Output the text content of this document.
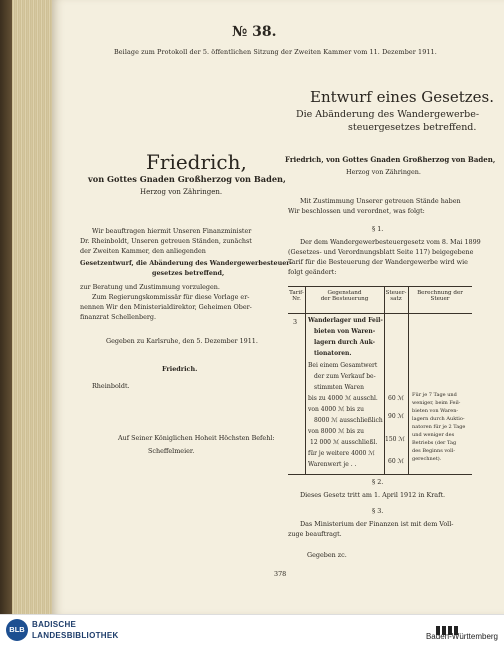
№ 38.
Beilage zum Protokoll der 5. öffentlichen Sitzung der Zweiten Kammer vom 11. Dezember 1911.
Friedrich,
von Gottes Gnaden Großherzog von Baden,
Herzog von Zähringen.
Wir beauftragen hiermit Unseren Finanzminister
Dr. Rheinboldt, Unseren getreuen Ständen, zunächst
der Zweiten Kammer, den anliegenden
Gesetzentwurf, die Abänderung des Wandergewerbesteuer-
gesetzes betreffend,
zur Beratung und Zustimmung vorzulegen.
Zum Regierungskommissär für diese Vorlage er-
nennen Wir den Ministerialdirektor, Geheimen Ober-
finanzrat Schellenberg.
Gegeben zu Karlsruhe, den 5. Dezember 1911.
Friedrich.
Rheinboldt.
Auf Seiner Königlichen Hoheit Höchsten Befehl:
Scheffelmeier.
Entwurf eines Gesetzes.
Die Abänderung des Wandergewerbe-
steuergesetzes betreffend.
Friedrich, von Gottes Gnaden Großherzog von Baden,
Herzog von Zähringen.
Mit Zustimmung Unserer getreuen Stände haben
Wir beschlossen und verordnet, was folgt:
§ 1.
Der dem Wandergewerbesteuergesetz vom 8. Mai 1899
(Gesetzes- und Verordnungsblatt Seite 117) beigegebene
Tarif für die Besteuerung der Wandergewerbe wird wie
folgt geändert:
Tarif-
Nr.
Gegenstand
der Besteuerung
Steuer-
satz
Berechnung der
Steuer
3 Wanderlager und Feil-
bieten von Waren-
lagern durch Auk-
tionatoren.
Bei einem Gesamtwert
der zum Verkauf be-
stimmten Waren
bis zu 4000 ℳ ausschl.
von 4000 ℳ bis zu
8000 ℳ ausschließlich
von 8000 ℳ bis zu
12 000 ℳ ausschließl.
für je weitere 4000 ℳ
Warenwert je . .
60 ℳ
90 ℳ
150 ℳ
60 ℳ
Für je 7 Tage und
weniger, beim Feil-
bieten von Waren-
lagern durch Auktio-
natoren für je 2 Tage
und weniger des
Betriebs (der Tag
des Beginns voll-
gerechnet).
§ 2.
Dieses Gesetz tritt am 1. April 1912 in Kraft.
§ 3.
Das Ministerium der Finanzen ist mit dem Voll-
zuge beauftragt.
Gegeben zc.
378
BLB
BADISCHE
LANDESBIBLIOTHEK	Baden-Württemberg
